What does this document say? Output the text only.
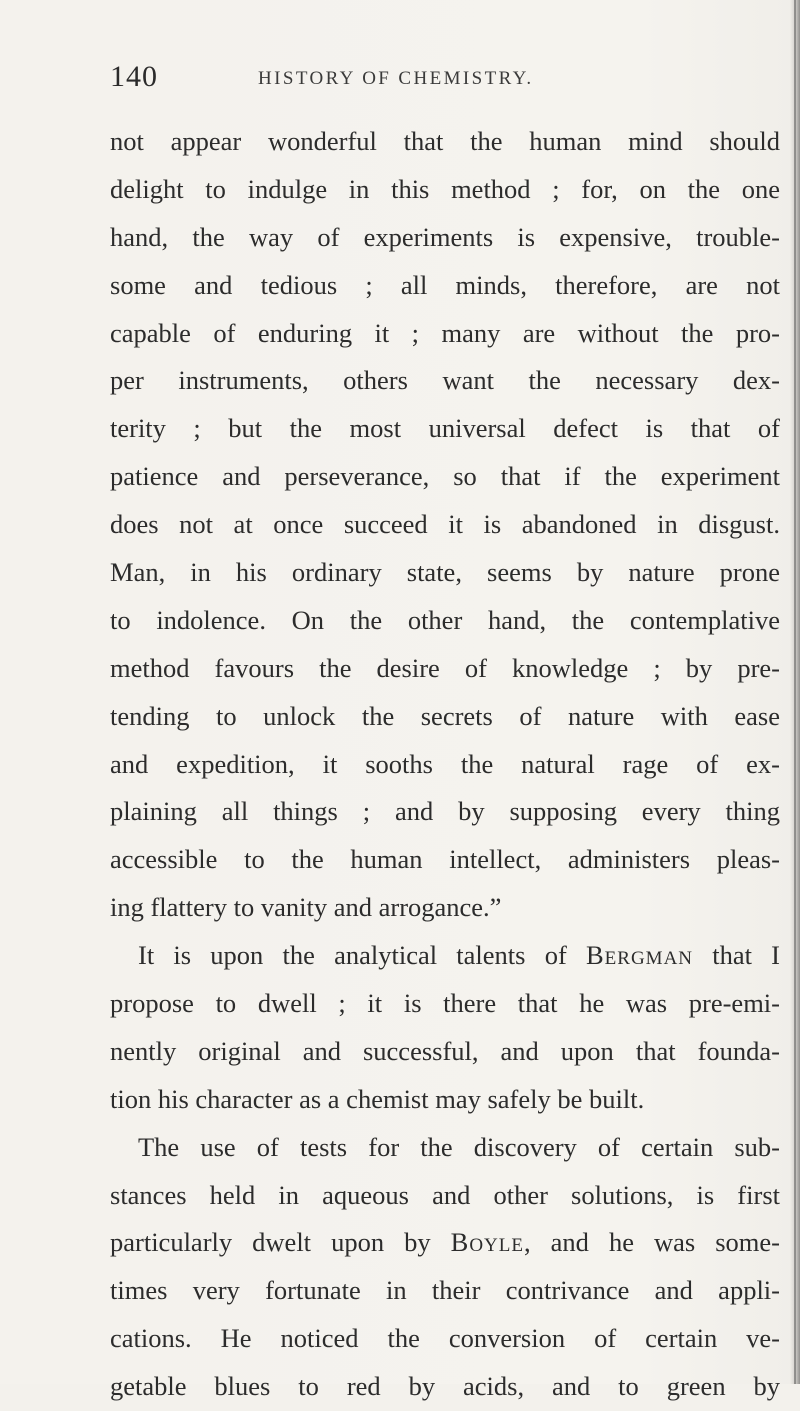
140	HISTORY OF CHEMISTRY.
not appear wonderful that the human mind should
delight to indulge in this method ; for, on the one
hand, the way of experiments is expensive, trouble-
some and tedious ; all minds, therefore, are not
capable of enduring it ; many are without the pro-
per instruments, others want the necessary dex-
terity ; but the most universal defect is that of
patience and perseverance, so that if the experiment
does not at once succeed it is abandoned in disgust.
Man, in his ordinary state, seems by nature prone
to indolence. On the other hand, the contemplative
method favours the desire of knowledge ; by pre-
tending to unlock the secrets of nature with ease
and expedition, it sooths the natural rage of ex-
plaining all things ; and by supposing every thing
accessible to the human intellect, administers pleas-
ing flattery to vanity and arrogance.”
It is upon the analytical talents of Bergman that I
propose to dwell ; it is there that he was pre-emi-
nently original and successful, and upon that founda-
tion his character as a chemist may safely be built.
The use of tests for the discovery of certain sub-
stances held in aqueous and other solutions, is first
particularly dwelt upon by Boyle, and he was some-
times very fortunate in their contrivance and appli-
cations. He noticed the conversion of certain ve-
getable blues to red by acids, and to green by
